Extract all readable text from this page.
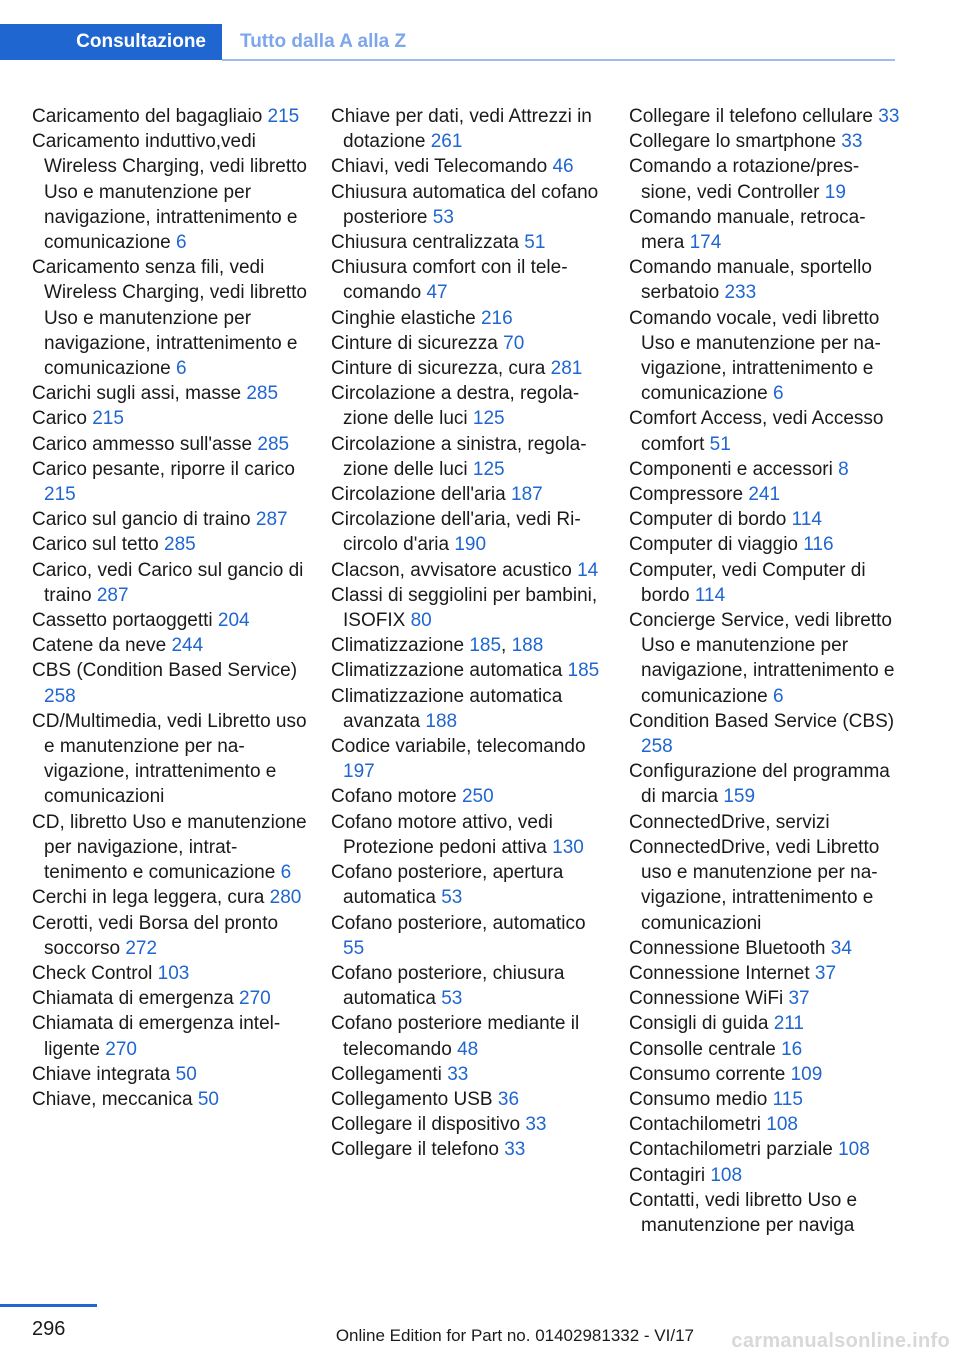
Consultazione Tutto dalla A alla Z
Caricamento del bagagliaio 215
Caricamento induttivo,vedi Wireless Charging, vedi libretto Uso e manutenzione per navigazione, intrattenimento e comunicazione 6
Caricamento senza fili, vedi Wireless Charging, vedi libretto Uso e manutenzione per navigazione, intrattenimento e comunicazione 6
Carichi sugli assi, masse 285
Carico 215
Carico ammesso sull'asse 285
Carico pesante, riporre il carico 215
Carico sul gancio di traino 287
Carico sul tetto 285
Carico, vedi Carico sul gancio di traino 287
Cassetto portaoggetti 204
Catene da neve 244
CBS (Condition Based Service) 258
CD/Multimedia, vedi Libretto uso e manutenzione per navigazione, intrattenimento e comunicazioni
CD, libretto Uso e manutenzione per navigazione, intrattenimento e comunicazione 6
Cerchi in lega leggera, cura 280
Cerotti, vedi Borsa del pronto soccorso 272
Check Control 103
Chiamata di emergenza 270
Chiamata di emergenza intelligente 270
Chiave integrata 50
Chiave, meccanica 50
Chiave per dati, vedi Attrezzi in dotazione 261
Chiavi, vedi Telecomando 46
Chiusura automatica del cofano posteriore 53
Chiusura centralizzata 51
Chiusura comfort con il telecomando 47
Cinghie elastiche 216
Cinture di sicurezza 70
Cinture di sicurezza, cura 281
Circolazione a destra, regolazione delle luci 125
Circolazione a sinistra, regolazione delle luci 125
Circolazione dell'aria 187
Circolazione dell'aria, vedi Ricircolo d'aria 190
Clacson, avvisatore acustico 14
Classi di seggiolini per bambini, ISOFIX 80
Climatizzazione 185, 188
Climatizzazione automatica 185
Climatizzazione automatica avanzata 188
Codice variabile, telecomando 197
Cofano motore 250
Cofano motore attivo, vedi Protezione pedoni attiva 130
Cofano posteriore, apertura automatica 53
Cofano posteriore, automatico 55
Cofano posteriore, chiusura automatica 53
Cofano posteriore mediante il telecomando 48
Collegamenti 33
Collegamento USB 36
Collegare il dispositivo 33
Collegare il telefono 33
Collegare il telefono cellulare 33
Collegare lo smartphone 33
Comando a rotazione/pressione, vedi Controller 19
Comando manuale, retrocamera 174
Comando manuale, sportello serbatoio 233
Comando vocale, vedi libretto Uso e manutenzione per navigazione, intrattenimento e comunicazione 6
Comfort Access, vedi Accesso comfort 51
Componenti e accessori 8
Compressore 241
Computer di bordo 114
Computer di viaggio 116
Computer, vedi Computer di bordo 114
Concierge Service, vedi libretto Uso e manutenzione per navigazione, intrattenimento e comunicazione 6
Condition Based Service (CBS) 258
Configurazione del programma di marcia 159
ConnectedDrive, servizi
ConnectedDrive, vedi Libretto uso e manutenzione per navigazione, intrattenimento e comunicazioni
Connessione Bluetooth 34
Connessione Internet 37
Connessione WiFi 37
Consigli di guida 211
Consolle centrale 16
Consumo corrente 109
Consumo medio 115
Contachilometri 108
Contachilometri parziale 108
Contagiri 108
Contatti, vedi libretto Uso e manutenzione per naviga
296	Online Edition for Part no. 01402981332 - VI/17 carmanualsonline.info
